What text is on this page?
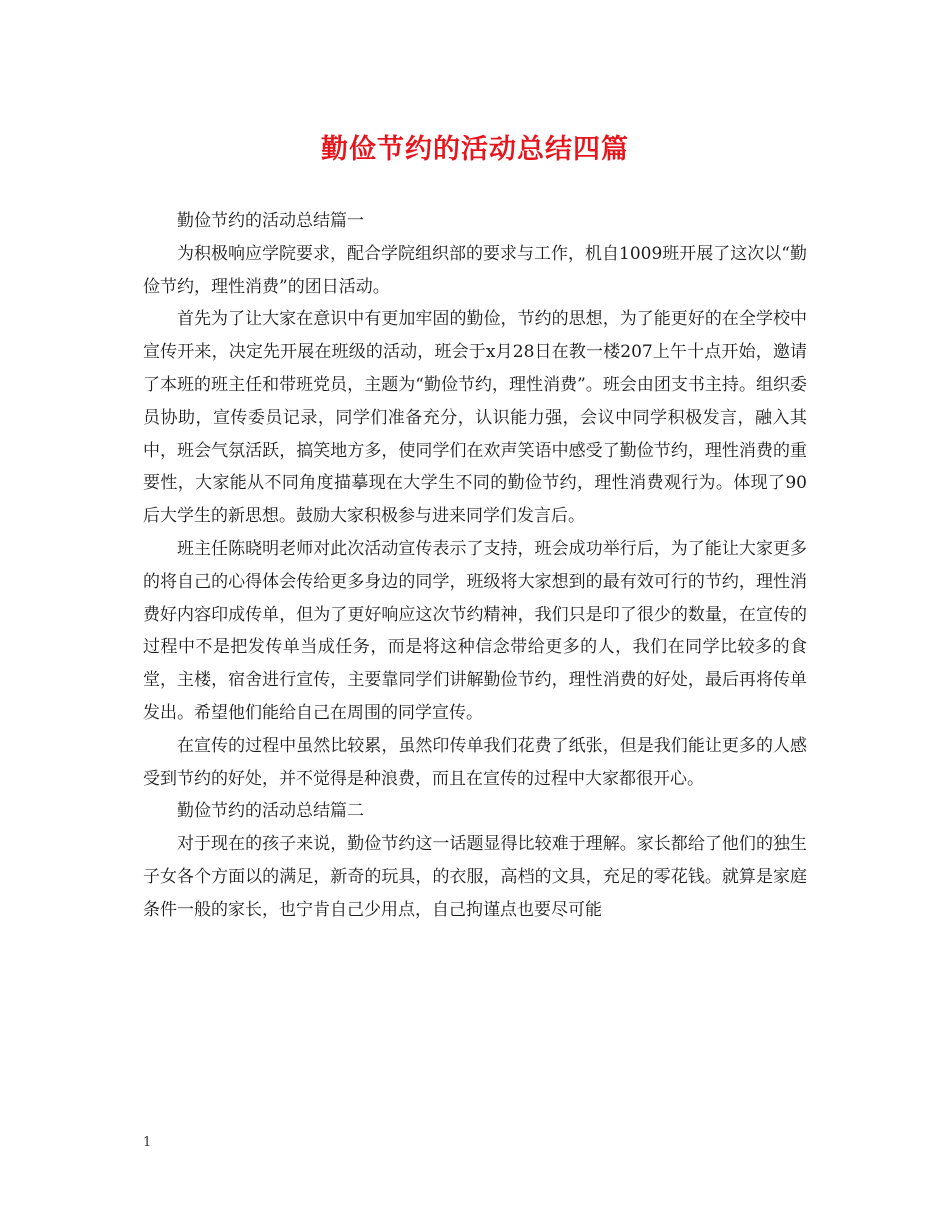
勤俭节约的活动总结四篇

勤俭节约的活动总结篇一

为积极响应学院要求，配合学院组织部的要求与工作，机自1009班开展了这次以“勤俭节约，理性消费”的团日活动。

首先为了让大家在意识中有更加牢固的勤俭，节约的思想，为了能更好的在全学校中宣传开来，决定先开展在班级的活动，班会于x月28日在教一楼207上午十点开始，邀请了本班的班主任和带班党员，主题为“勤俭节约，理性消费”。班会由团支书主持。组织委员协助，宣传委员记录，同学们准备充分，认识能力强，会议中同学积极发言，融入其中，班会气氛活跃，搞笑地方多，使同学们在欢声笑语中感受了勤俭节约，理性消费的重要性，大家能从不同角度描摹现在大学生不同的勤俭节约，理性消费观行为。体现了90后大学生的新思想。鼓励大家积极参与进来同学们发言后。

班主任陈晓明老师对此次活动宣传表示了支持，班会成功举行后，为了能让大家更多的将自己的心得体会传给更多身边的同学，班级将大家想到的最有效可行的节约，理性消费好内容印成传单，但为了更好响应这次节约精神，我们只是印了很少的数量，在宣传的过程中不是把发传单当成任务，而是将这种信念带给更多的人，我们在同学比较多的食堂，主楼，宿舍进行宣传，主要靠同学们讲解勤俭节约，理性消费的好处，最后再将传单发出。希望他们能给自己在周围的同学宣传。

在宣传的过程中虽然比较累，虽然印传单我们花费了纸张，但是我们能让更多的人感受到节约的好处，并不觉得是种浪费，而且在宣传的过程中大家都很开心。

勤俭节约的活动总结篇二

对于现在的孩子来说，勤俭节约这一话题显得比较难于理解。家长都给了他们的独生子女各个方面以的满足，新奇的玩具，的衣服，高档的文具，充足的零花钱。就算是家庭条件一般的家长，也宁肯自己少用点，自己拘谨点也要尽可能

1
